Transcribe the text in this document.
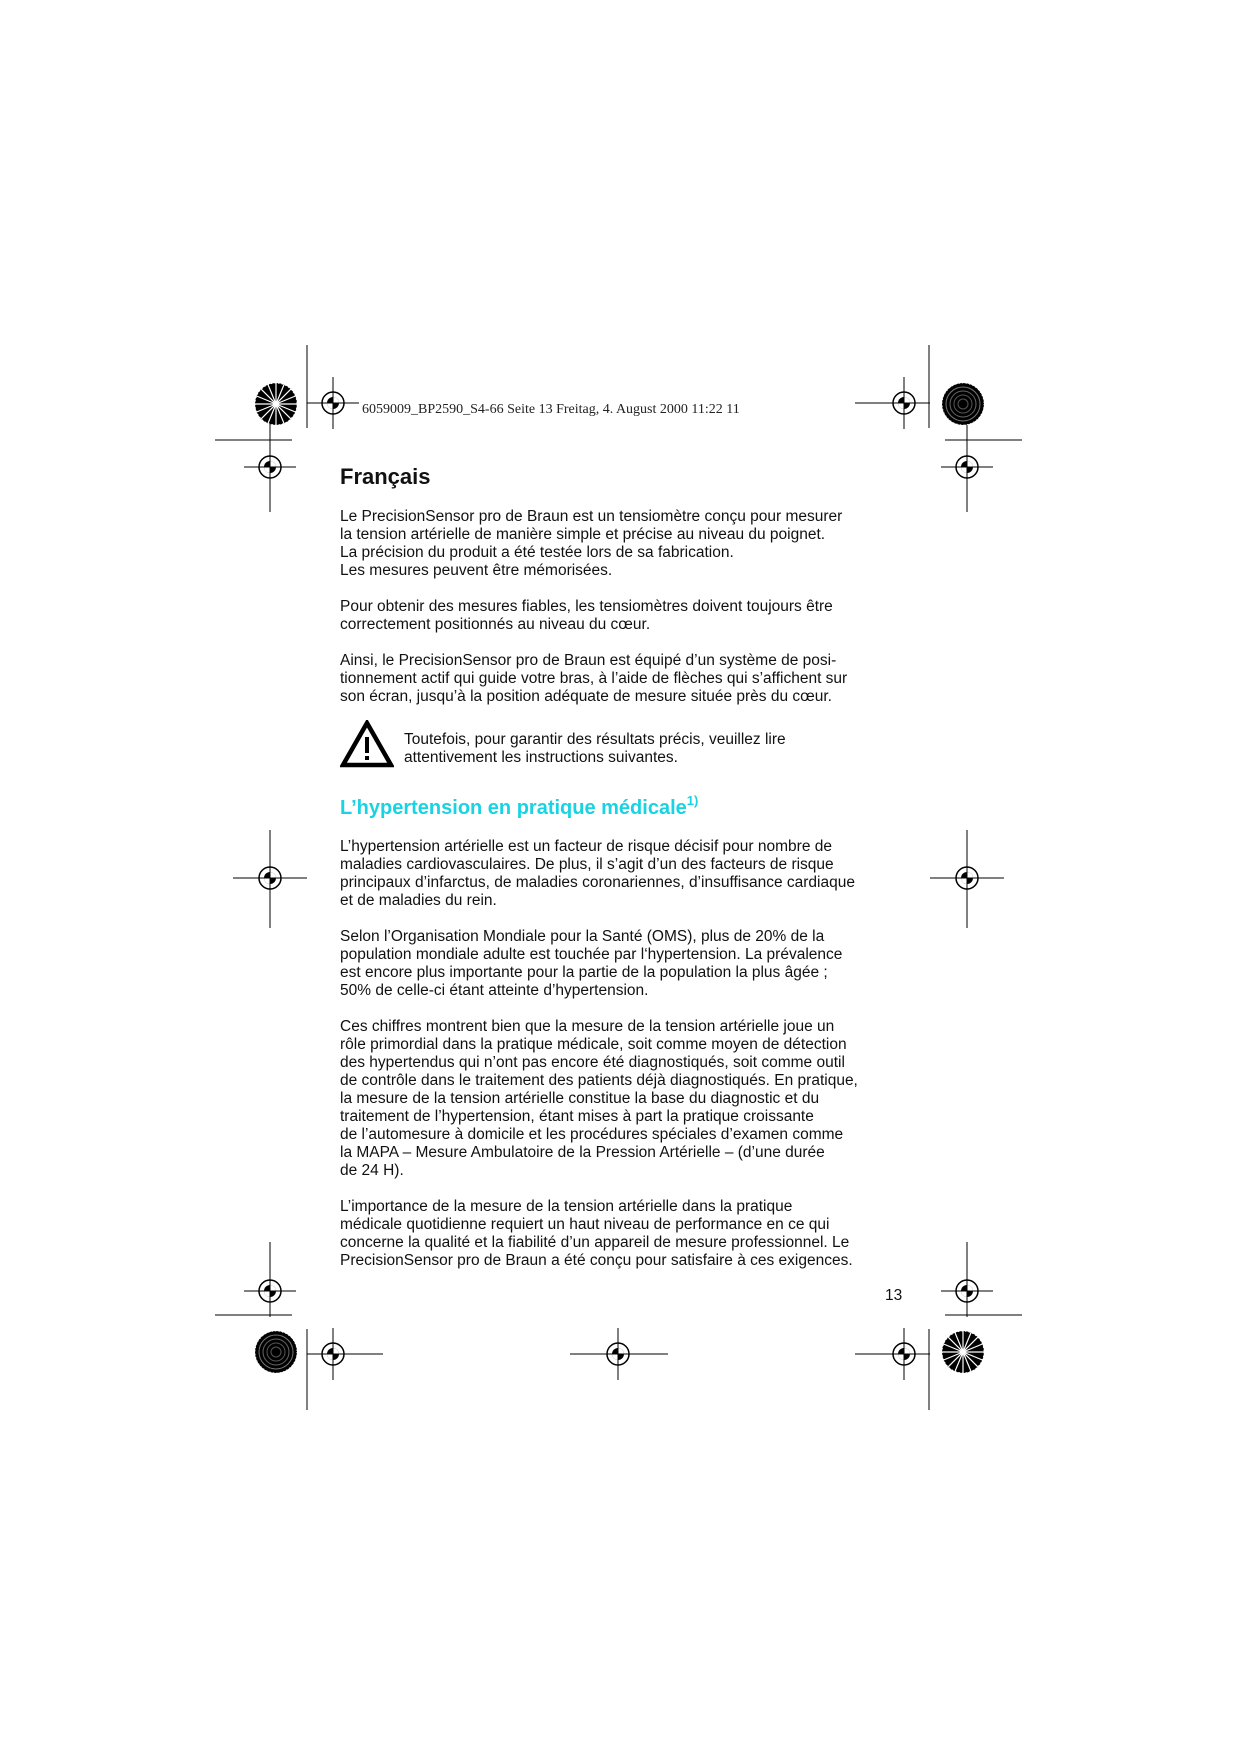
6059009_BP2590_S4-66 Seite 13 Freitag, 4. August 2000 11:22 11
Français

Le PrecisionSensor pro de Braun est un tensiomètre conçu pour mesurer
la tension artérielle de manière simple et précise au niveau du poignet.
La précision du produit a été testée lors de sa fabrication.
Les mesures peuvent être mémorisées.

Pour obtenir des mesures fiables, les tensiomètres doivent toujours être
correctement positionnés au niveau du cœur.

Ainsi, le PrecisionSensor pro de Braun est équipé d’un système de posi-
tionnement actif qui guide votre bras, à l’aide de flèches qui s’affichent sur
son écran, jusqu’à la position adéquate de mesure située près du cœur.

Toutefois, pour garantir des résultats précis, veuillez lire
attentivement les instructions suivantes.

L’hypertension en pratique médicale$^{1)}$

L’hypertension artérielle est un facteur de risque décisif pour nombre de
maladies cardiovasculaires. De plus, il s’agit d’un des facteurs de risque
principaux d’infarctus, de maladies coronariennes, d’insuffisance cardiaque
et de maladies du rein.

Selon l’Organisation Mondiale pour la Santé (OMS), plus de 20% de la
population mondiale adulte est touchée par l‘hypertension. La prévalence
est encore plus importante pour la partie de la population la plus âgée ;
50% de celle-ci étant atteinte d’hypertension.

Ces chiffres montrent bien que la mesure de la tension artérielle joue un
rôle primordial dans la pratique médicale, soit comme moyen de détection
des hypertendus qui n’ont pas encore été diagnostiqués, soit comme outil
de contrôle dans le traitement des patients déjà diagnostiqués. En pratique,
la mesure de la tension artérielle constitue la base du diagnostic et du
traitement de l’hypertension, étant mises à part la pratique croissante
de l’automesure à domicile et les procédures spéciales d’examen comme
la MAPA – Mesure Ambulatoire de la Pression Artérielle – (d’une durée
de 24 H).

L’importance de la mesure de la tension artérielle dans la pratique
médicale quotidienne requiert un haut niveau de performance en ce qui
concerne la qualité et la fiabilité d’un appareil de mesure professionnel. Le
PrecisionSensor pro de Braun a été conçu pour satisfaire à ces exigences.

13
